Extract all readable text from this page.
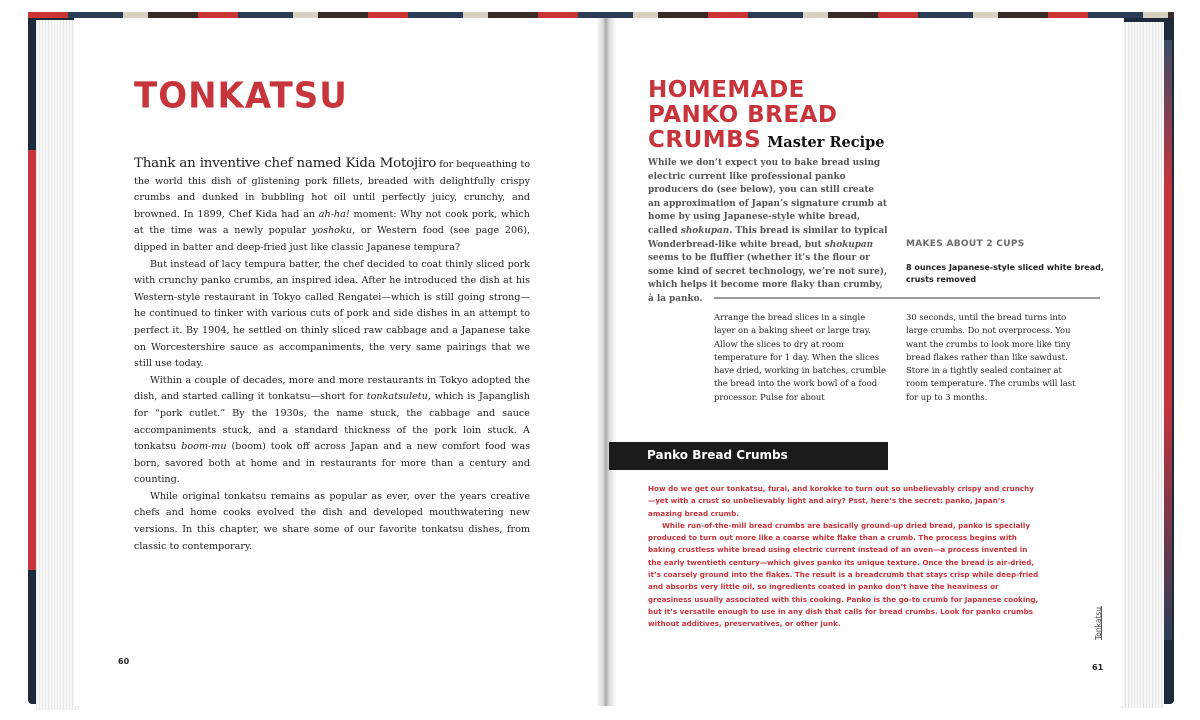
TONKATSU

Thank an inventive chef named Kida Motojiro for bequeathing to the world this dish of glistening pork fillets, breaded with delightfully crispy crumbs and dunked in bubbling hot oil until perfectly juicy, crunchy, and browned. In 1899, Chef Kida had an ah-ha! moment: Why not cook pork, which at the time was a newly popular yoshoku, or Western food (see page 206), dipped in batter and deep-fried just like classic Japanese tempura?

But instead of lacy tempura batter, the chef decided to coat thinly sliced pork with crunchy panko crumbs, an inspired idea. After he introduced the dish at his Western-style restaurant in Tokyo called Rengatei—which is still going strong—he continued to tinker with various cuts of pork and side dishes in an attempt to perfect it. By 1904, he settled on thinly sliced raw cabbage and a Japanese take on Worcestershire sauce as accompaniments, the very same pairings that we still use today.

Within a couple of decades, more and more restaurants in Tokyo adopted the dish, and started calling it tonkatsu—short for tonkatsuletu, which is Japanglish for “pork cutlet.” By the 1930s, the name stuck, the cabbage and sauce accompaniments stuck, and a standard thickness of the pork loin stuck. A tonkatsu boom-mu (boom) took off across Japan and a new comfort food was born, savored both at home and in restaurants for more than a century and counting.

While original tonkatsu remains as popular as ever, over the years creative chefs and home cooks evolved the dish and developed mouthwatering new versions. In this chapter, we share some of our favorite tonkatsu dishes, from classic to contemporary.

60
HOMEMADE
PANKO BREAD
CRUMBS Master Recipe
While we don’t expect you to bake bread using electric current like professional panko producers do (see below), you can still create an approximation of Japan’s signature crumb at home by using Japanese-style white bread, called shokupan. This bread is similar to typical Wonderbread-like white bread, but shokupan seems to be fluffier (whether it’s the flour or some kind of secret technology, we’re not sure), which helps it become more flaky than crumby, à la panko.
MAKES ABOUT 2 CUPS
8 ounces Japanese-style sliced white bread, crusts removed
Arrange the bread slices in a single layer on a baking sheet or large tray. Allow the slices to dry at room temperature for 1 day. When the slices have dried, working in batches, crumble the bread into the work bowl of a food processor. Pulse for about
30 seconds, until the bread turns into large crumbs. Do not overprocess. You want the crumbs to look more like tiny bread flakes rather than like sawdust. Store in a tightly sealed container at room temperature. The crumbs will last for up to 3 months.
Panko Bread Crumbs

How do we get our tonkatsu, furai, and korokke to turn out so unbelievably crispy and crunchy—yet with a crust so unbelievably light and airy? Psst, here’s the secret: panko, Japan’s amazing bread crumb.

While run-of-the-mill bread crumbs are basically ground-up dried bread, panko is specially produced to turn out more like a coarse white flake than a crumb. The process begins with baking crustless white bread using electric current instead of an oven—a process invented in the early twentieth century—which gives panko its unique texture. Once the bread is air-dried, it’s coarsely ground into the flakes. The result is a breadcrumb that stays crisp while deep-fried and absorbs very little oil, so ingredients coated in panko don’t have the heaviness or greasiness usually associated with this cooking. Panko is the go-to crumb for Japanese cooking, but it’s versatile enough to use in any dish that calls for bread crumbs. Look for panko crumbs without additives, preservatives, or other junk.	Tonkatsu
61
